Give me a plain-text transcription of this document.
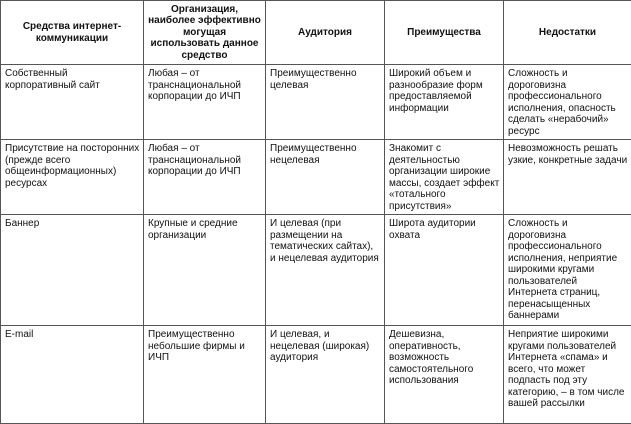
Средства интернет-коммуникации	Организация, наиболее эффективно могущая использовать данное средство	Аудитория	Преимущества	Недостатки
Собственный корпоративный сайт	Любая – от транснациональной корпорации до ИЧП	Преимущественно целевая	Широкий объем и разнообразие форм предоставляемой информации	Сложность и дороговизна профессионального исполнения, опасность сделать «нерабочий» ресурс
Присутствие на посторонних (прежде всего общеинформационных) ресурсах	Любая – от транснациональной корпорации до ИЧП	Преимущественно нецелевая	Знакомит с деятельностью организации широкие массы, создает эффект «тотального присутствия»	Невозможность решать узкие, конкретные задачи
Баннер	Крупные и средние организации	И целевая (при размещении на тематических сайтах), и нецелевая аудитория	Широта аудитории охвата	Сложность и дороговизна профессионального исполнения, неприятие широкими кругами пользователей Интернета страниц, перенасыщенных баннерами
E-mail	Преимущественно небольшие фирмы и ИЧП	И целевая, и нецелевая (широкая) аудитория	Дешевизна, оперативность, возможность самостоятельного использования	Неприятие широкими кругами пользователей Интернета «спама» и всего, что может подпасть под эту категорию, – в том числе вашей рассылки
